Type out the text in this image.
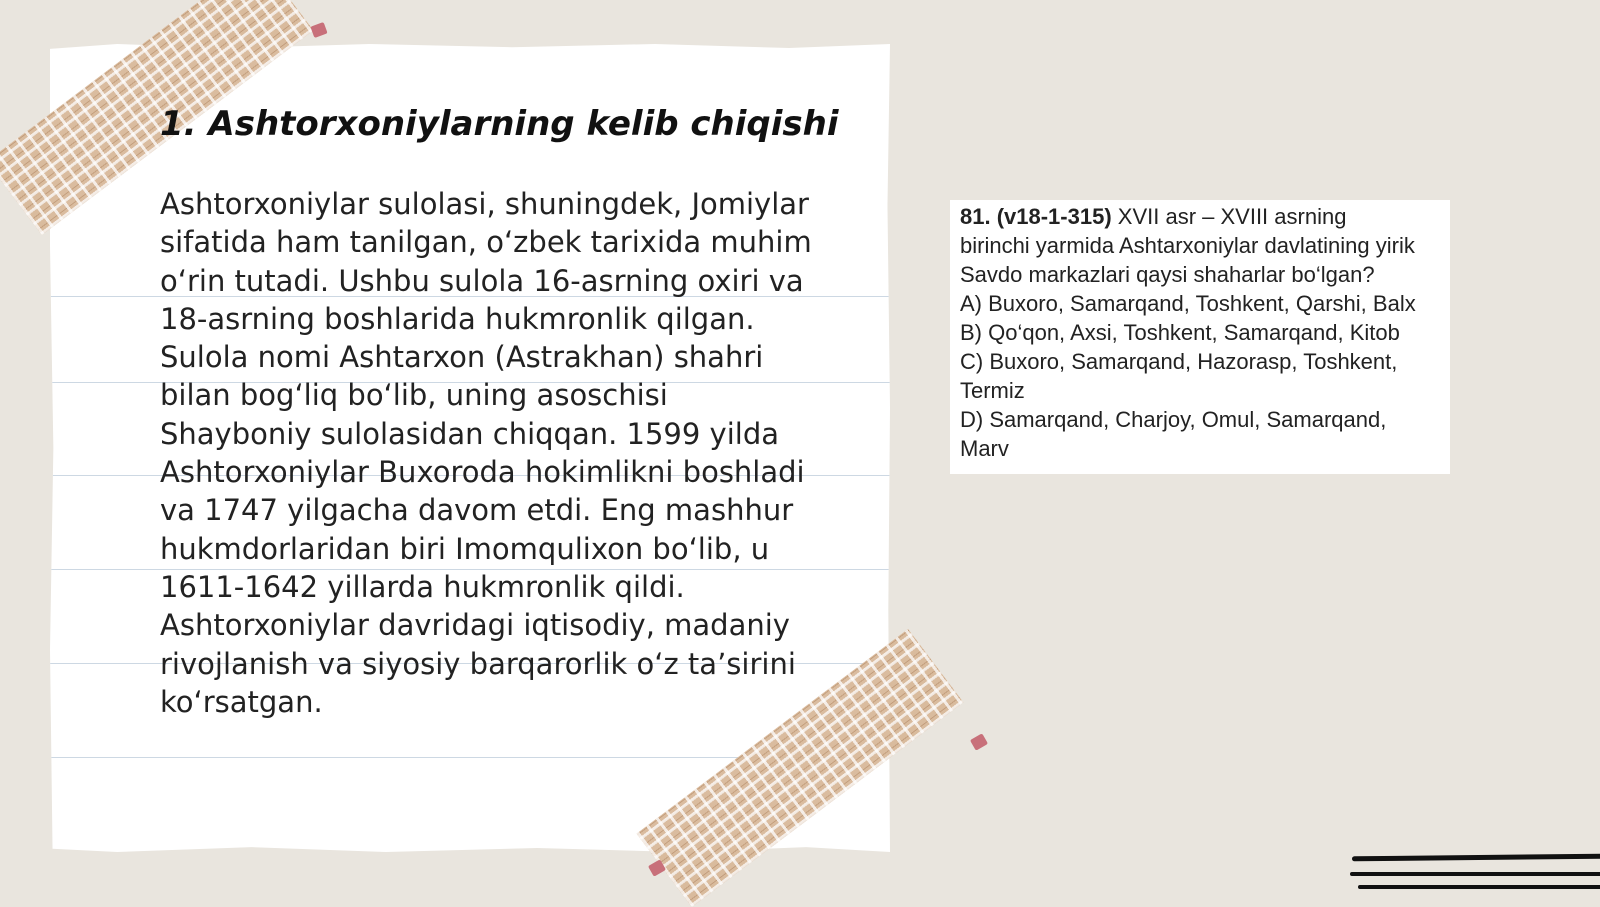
1. Ashtorxoniylarning kelib chiqishi
Ashtorxoniylar sulolasi, shuningdek, Jomiylar
sifatida ham tanilgan, oʻzbek tarixida muhim
oʻrin tutadi. Ushbu sulola 16-asrning oxiri va
18-asrning boshlarida hukmronlik qilgan.
Sulola nomi Ashtarxon (Astrakhan) shahri
bilan bogʻliq boʻlib, uning asoschisi
Shayboniy sulolasidan chiqqan. 1599 yilda
Ashtorxoniylar Buxoroda hokimlikni boshladi
va 1747 yilgacha davom etdi. Eng mashhur
hukmdorlaridan biri Imomqulixon boʻlib, u
1611-1642 yillarda hukmronlik qildi.
Ashtorxoniylar davridagi iqtisodiy, madaniy
rivojlanish va siyosiy barqarorlik oʻz taʼsirini
koʻrsatgan.
81. (v18-1-315) XVII asr – XVIII asrning
birinchi yarmida Ashtarxoniylar davlatining yirik
Savdo markazlari qaysi shaharlar bo‘lgan?
A) Buxoro, Samarqand, Toshkent, Qarshi, Balx
B) Qo‘qon, Axsi, Toshkent, Samarqand, Kitob
C) Buxoro, Samarqand, Hazorasp, Toshkent,
Termiz
D) Samarqand, Charjoy, Omul, Samarqand,
Marv
